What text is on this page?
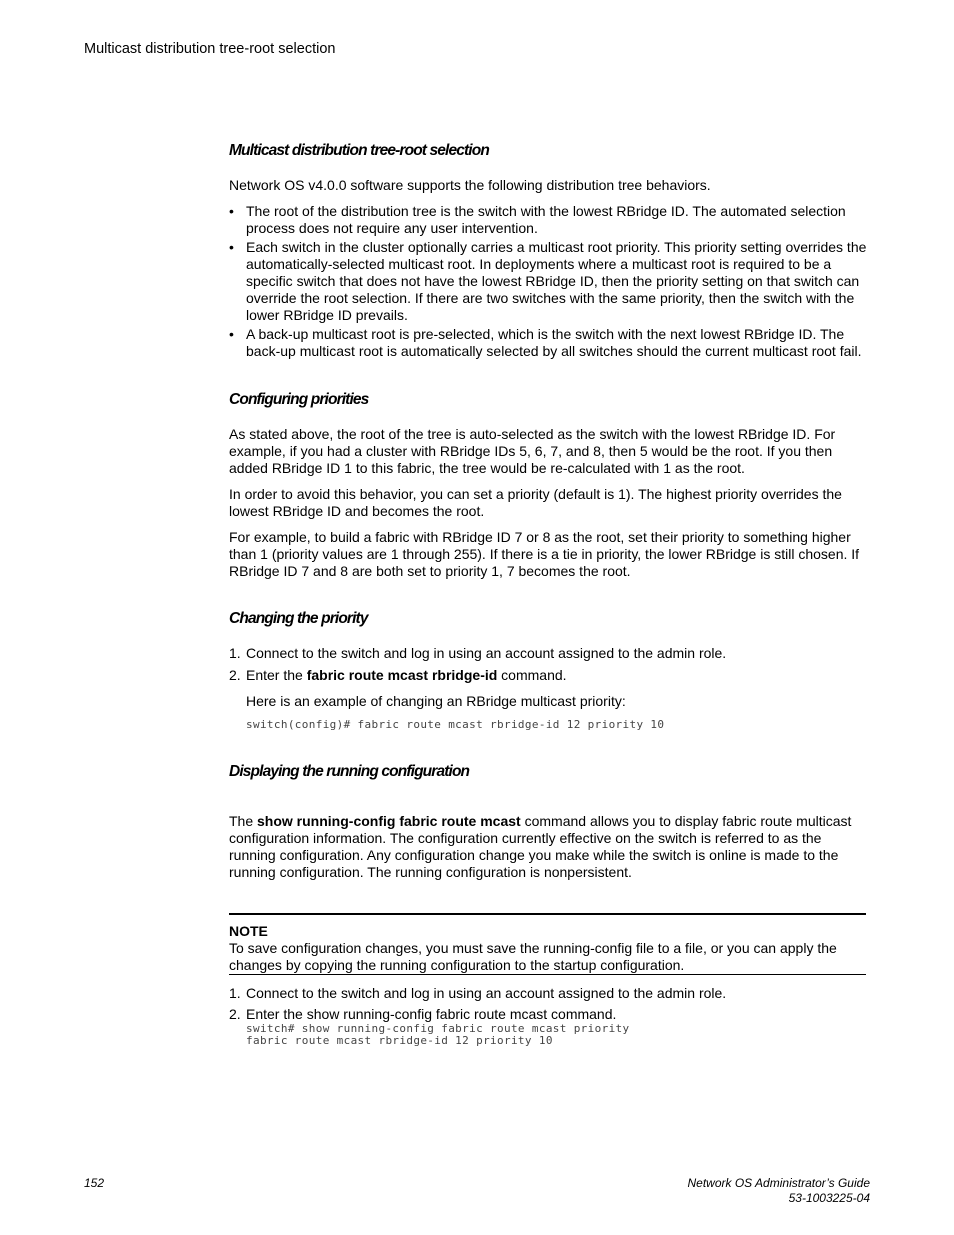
Multicast distribution tree-root selection
Multicast distribution tree-root selection
Network OS v4.0.0 software supports the following distribution tree behaviors.
• The root of the distribution tree is the switch with the lowest RBridge ID. The automated selection process does not require any user intervention.
• Each switch in the cluster optionally carries a multicast root priority. This priority setting overrides the automatically-selected multicast root. In deployments where a multicast root is required to be a specific switch that does not have the lowest RBridge ID, then the priority setting on that switch can override the root selection. If there are two switches with the same priority, then the switch with the lower RBridge ID prevails.
• A back-up multicast root is pre-selected, which is the switch with the next lowest RBridge ID. The back-up multicast root is automatically selected by all switches should the current multicast root fail.
Configuring priorities
As stated above, the root of the tree is auto-selected as the switch with the lowest RBridge ID. For example, if you had a cluster with RBridge IDs 5, 6, 7, and 8, then 5 would be the root. If you then added RBridge ID 1 to this fabric, the tree would be re-calculated with 1 as the root.
In order to avoid this behavior, you can set a priority (default is 1). The highest priority overrides the lowest RBridge ID and becomes the root.
For example, to build a fabric with RBridge ID 7 or 8 as the root, set their priority to something higher than 1 (priority values are 1 through 255). If there is a tie in priority, the lower RBridge is still chosen. If RBridge ID 7 and 8 are both set to priority 1, 7 becomes the root.
Changing the priority
1. Connect to the switch and log in using an account assigned to the admin role.
2. Enter the fabric route mcast rbridge-id command.
Here is an example of changing an RBridge multicast priority:
switch(config)# fabric route mcast rbridge-id 12 priority 10
Displaying the running configuration
The show running-config fabric route mcast command allows you to display fabric route multicast configuration information. The configuration currently effective on the switch is referred to as the running configuration. Any configuration change you make while the switch is online is made to the running configuration. The running configuration is nonpersistent.
NOTE
To save configuration changes, you must save the running-config file to a file, or you can apply the changes by copying the running configuration to the startup configuration.
1. Connect to the switch and log in using an account assigned to the admin role.
2. Enter the show running-config fabric route mcast command.
switch# show running-config fabric route mcast priority
fabric route mcast rbridge-id 12 priority 10
152	Network OS Administrator’s Guide
53-1003225-04
